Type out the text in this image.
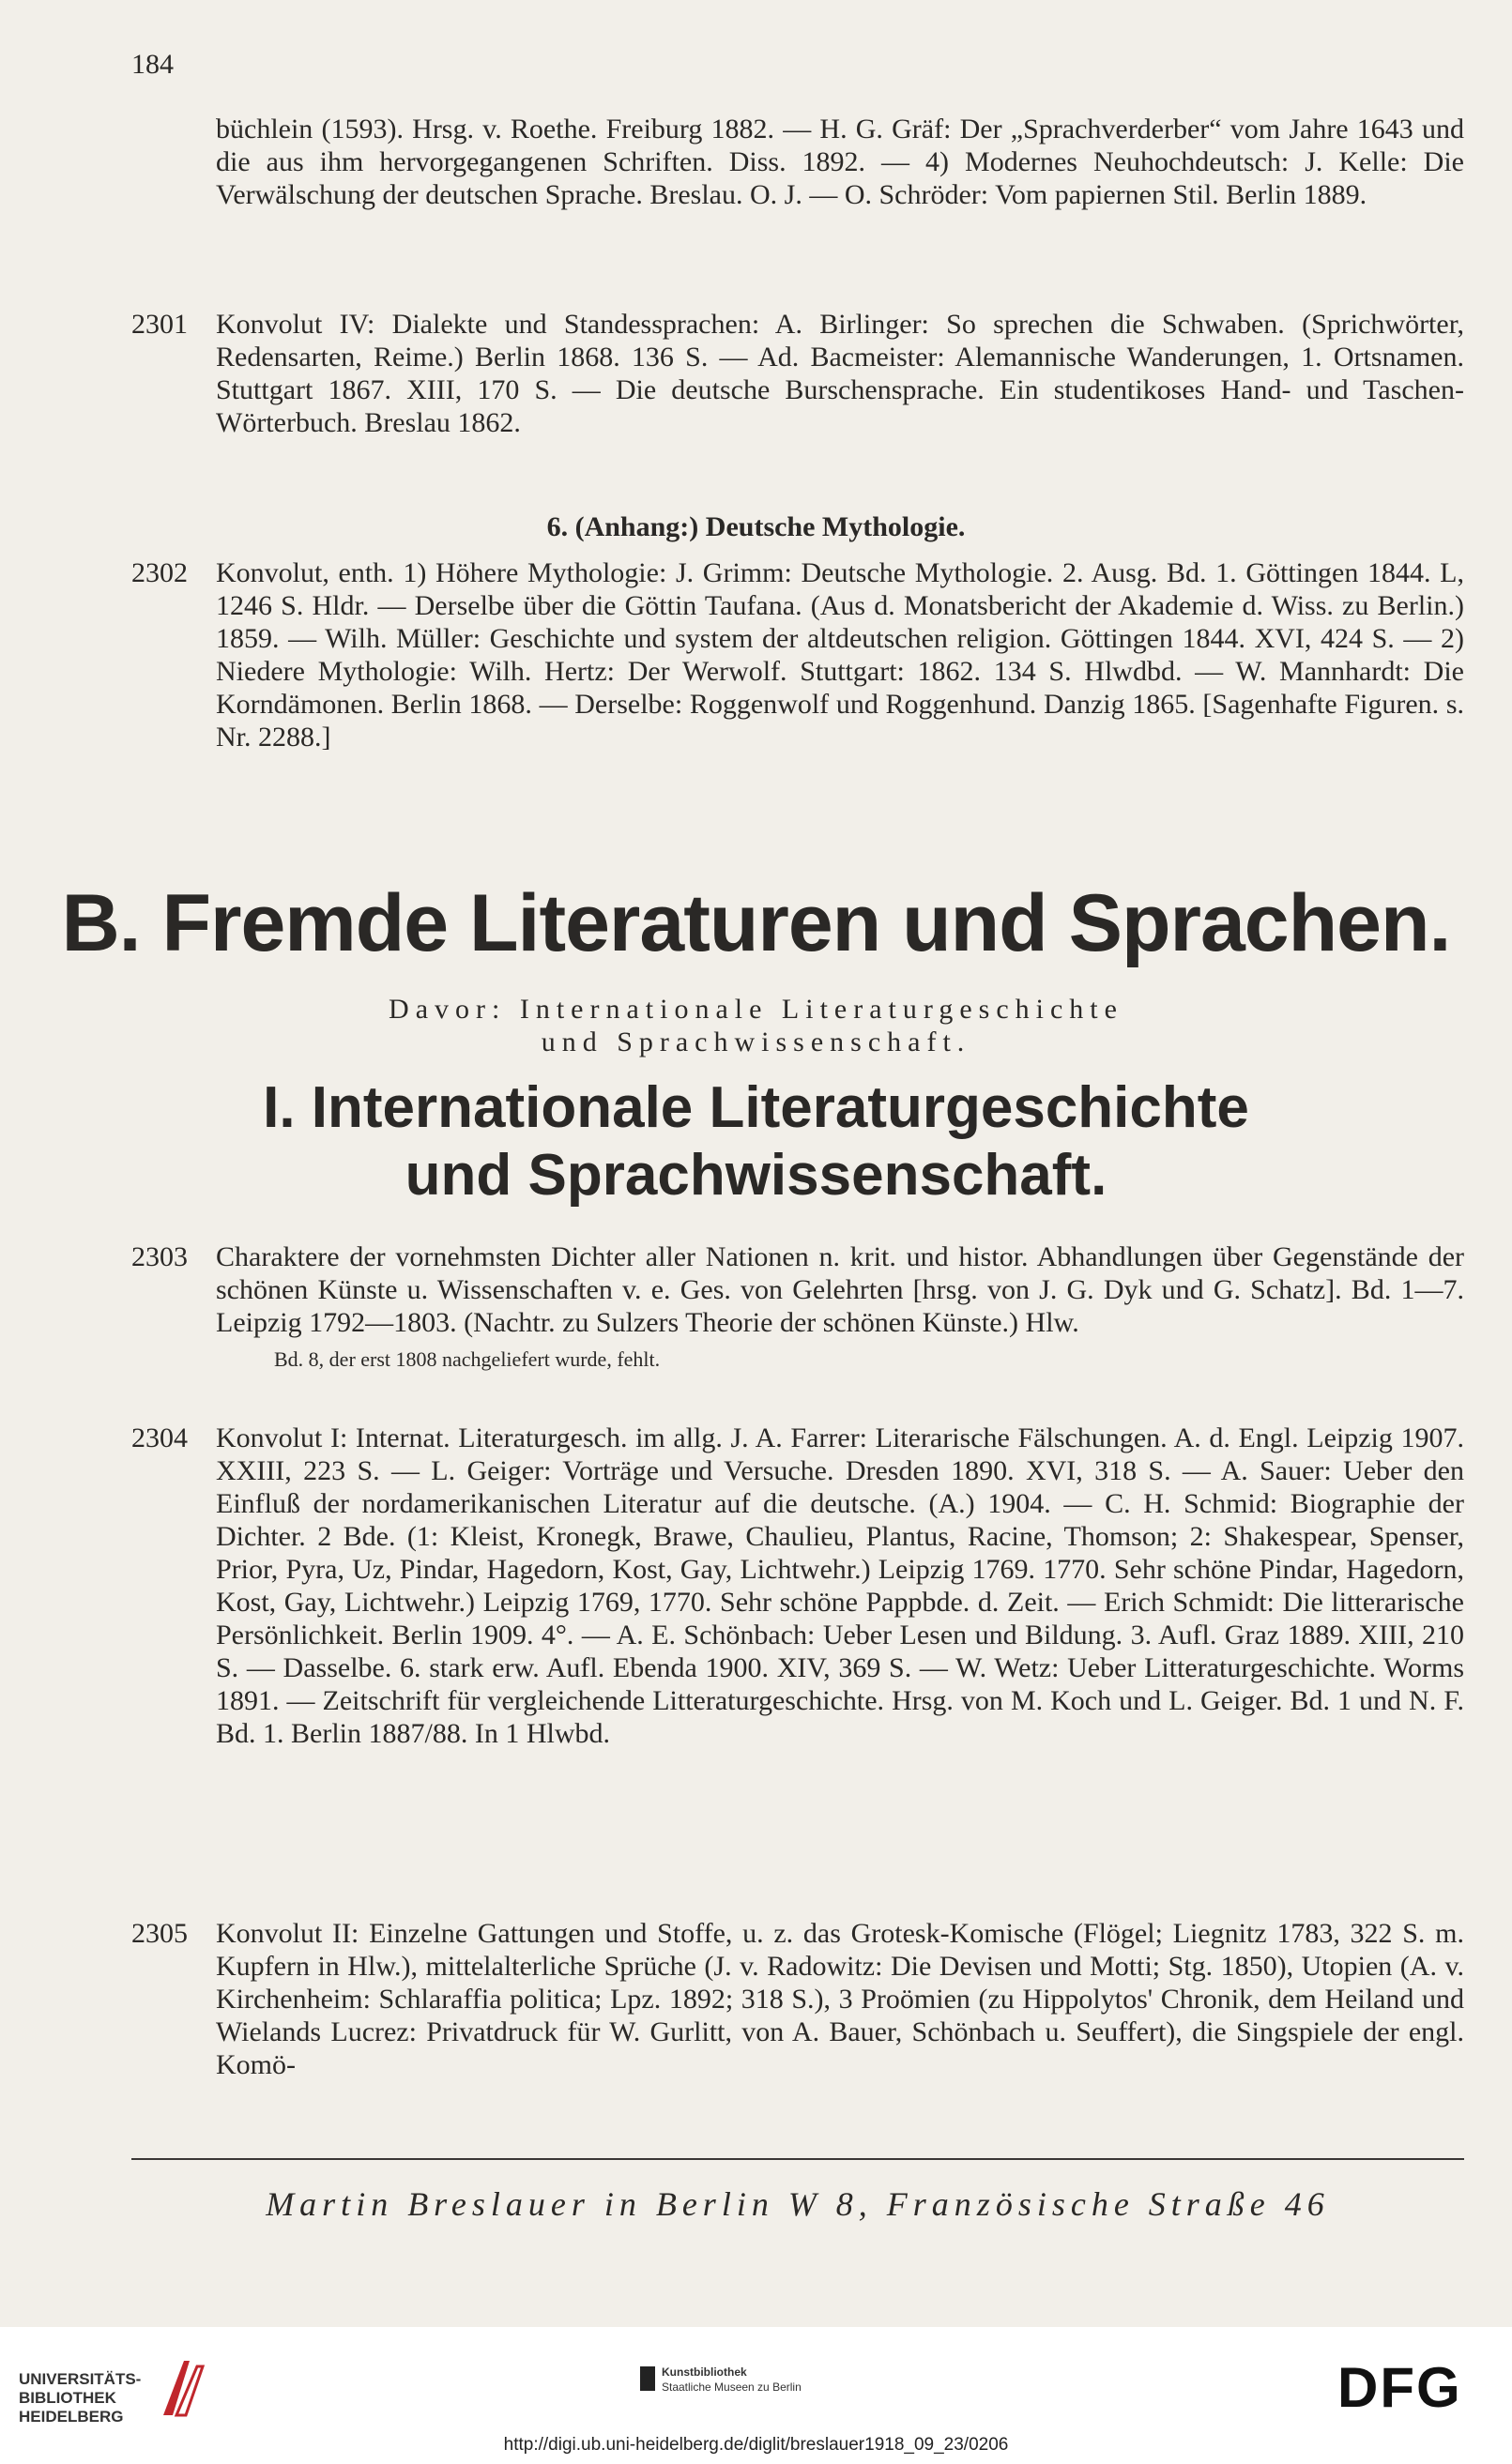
184

büchlein (1593). Hrsg. v. Roethe. Freiburg 1882. — H. G. Gräf: Der „Sprachverderber“ vom Jahre 1643 und die aus ihm hervorgegangenen Schriften. Diss. 1892. — 4) Modernes Neuhochdeutsch: J. Kelle: Die Verwälschung der deutschen Sprache. Breslau. O. J. — O. Schröder: Vom papiernen Stil. Berlin 1889.

2301 Konvolut IV: Dialekte und Standessprachen: A. Birlinger: So sprechen die Schwaben. (Sprichwörter, Redensarten, Reime.) Berlin 1868. 136 S. — Ad. Bacmeister: Alemannische Wanderungen, 1. Ortsnamen. Stuttgart 1867. XIII, 170 S. — Die deutsche Burschensprache. Ein studentikoses Hand- und Taschen-Wörterbuch. Breslau 1862.
6. (Anhang:) Deutsche Mythologie.
2302 Konvolut, enth. 1) Höhere Mythologie: J. Grimm: Deutsche Mythologie. 2. Ausg. Bd. 1. Göttingen 1844. L, 1246 S. Hldr. — Derselbe über die Göttin Taufana. (Aus d. Monatsbericht der Akademie d. Wiss. zu Berlin.) 1859. — Wilh. Müller: Geschichte und system der altdeutschen religion. Göttingen 1844. XVI, 424 S. — 2) Niedere Mythologie: Wilh. Hertz: Der Werwolf. Stuttgart: 1862. 134 S. Hlwdbd. — W. Mannhardt: Die Korndämonen. Berlin 1868. — Derselbe: Roggenwolf und Roggenhund. Danzig 1865. [Sagenhafte Figuren. s. Nr. 2288.]
B. Fremde Literaturen und Sprachen.
Davor: Internationale Literaturgeschichte
und Sprachwissenschaft.
I. Internationale Literaturgeschichte
und Sprachwissenschaft.
2303 Charaktere der vornehmsten Dichter aller Nationen n. krit. und histor. Abhandlungen über Gegenstände der schönen Künste u. Wissenschaften v. e. Ges. von Gelehrten [hrsg. von J. G. Dyk und G. Schatz]. Bd. 1—7. Leipzig 1792—1803. (Nachtr. zu Sulzers Theorie der schönen Künste.) Hlw.
Bd. 8, der erst 1808 nachgeliefert wurde, fehlt.
2304 Konvolut I: Internat. Literaturgesch. im allg. J. A. Farrer: Literarische Fälschungen. A. d. Engl. Leipzig 1907. XXIII, 223 S. — L. Geiger: Vorträge und Versuche. Dresden 1890. XVI, 318 S. — A. Sauer: Ueber den Einfluß der nordamerikanischen Literatur auf die deutsche. (A.) 1904. — C. H. Schmid: Biographie der Dichter. 2 Bde. (1: Kleist, Kronegk, Brawe, Chaulieu, Plantus, Racine, Thomson; 2: Shakespear, Spenser, Prior, Pyra, Uz, Pindar, Hagedorn, Kost, Gay, Lichtwehr.) Leipzig 1769. 1770. Sehr schöne Pindar, Hagedorn, Kost, Gay, Lichtwehr.) Leipzig 1769, 1770. Sehr schöne Pappbde. d. Zeit. — Erich Schmidt: Die litterarische Persönlichkeit. Berlin 1909. 4°. — A. E. Schönbach: Ueber Lesen und Bildung. 3. Aufl. Graz 1889. XIII, 210 S. — Dasselbe. 6. stark erw. Aufl. Ebenda 1900. XIV, 369 S. — W. Wetz: Ueber Litteraturgeschichte. Worms 1891. — Zeitschrift für vergleichende Litteraturgeschichte. Hrsg. von M. Koch und L. Geiger. Bd. 1 und N. F. Bd. 1. Berlin 1887/88. In 1 Hlwbd.
2305 Konvolut II: Einzelne Gattungen und Stoffe, u. z. das Grotesk-Komische (Flögel; Liegnitz 1783, 322 S. m. Kupfern in Hlw.), mittelalterliche Sprüche (J. v. Radowitz: Die Devisen und Motti; Stg. 1850), Utopien (A. v. Kirchenheim: Schlaraffia politica; Lpz. 1892; 318 S.), 3 Proömien (zu Hippolytos' Chronik, dem Heiland und Wielands Lucrez: Privatdruck für W. Gurlitt, von A. Bauer, Schönbach u. Seuffert), die Singspiele der engl. Komö-
Martin Breslauer in Berlin W 8, Französische Straße 46
UNIVERSITÄTS-
BIBLIOTHEK
HEIDELBERG
Kunstbibliothek
Staatliche Museen zu Berlin	DFG
http://digi.ub.uni-heidelberg.de/diglit/breslauer1918_09_23/0206
